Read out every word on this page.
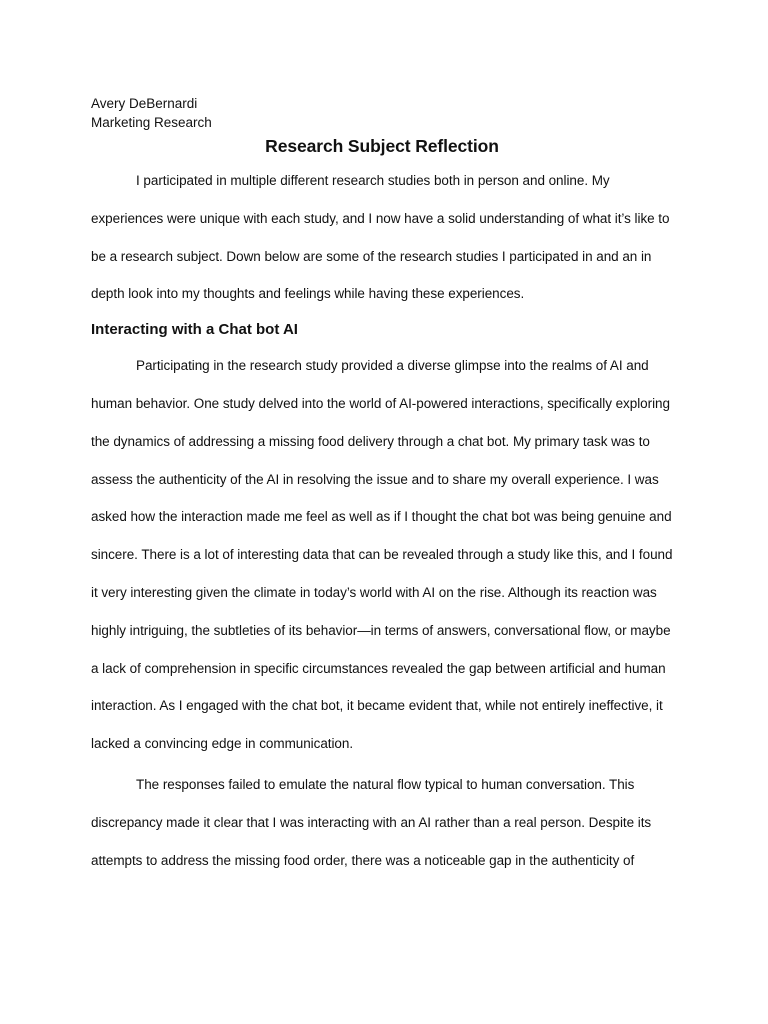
Avery DeBernardi

Marketing Research

Research Subject Reflection

I participated in multiple different research studies both in person and online. My experiences were unique with each study, and I now have a solid understanding of what it’s like to be a research subject. Down below are some of the research studies I participated in and an in depth look into my thoughts and feelings while having these experiences.

Interacting with a Chat bot AI

Participating in the research study provided a diverse glimpse into the realms of AI and human behavior. One study delved into the world of AI-powered interactions, specifically exploring the dynamics of addressing a missing food delivery through a chat bot. My primary task was to assess the authenticity of the AI in resolving the issue and to share my overall experience. I was asked how the interaction made me feel as well as if I thought the chat bot was being genuine and sincere. There is a lot of interesting data that can be revealed through a study like this, and I found it very interesting given the climate in today’s world with AI on the rise. Although its reaction was highly intriguing, the subtleties of its behavior—in terms of answers, conversational flow, or maybe a lack of comprehension in specific circumstances revealed the gap between artificial and human interaction. As I engaged with the chat bot, it became evident that, while not entirely ineffective, it lacked a convincing edge in communication.

The responses failed to emulate the natural flow typical to human conversation. This discrepancy made it clear that I was interacting with an AI rather than a real person. Despite its attempts to address the missing food order, there was a noticeable gap in the authenticity of
